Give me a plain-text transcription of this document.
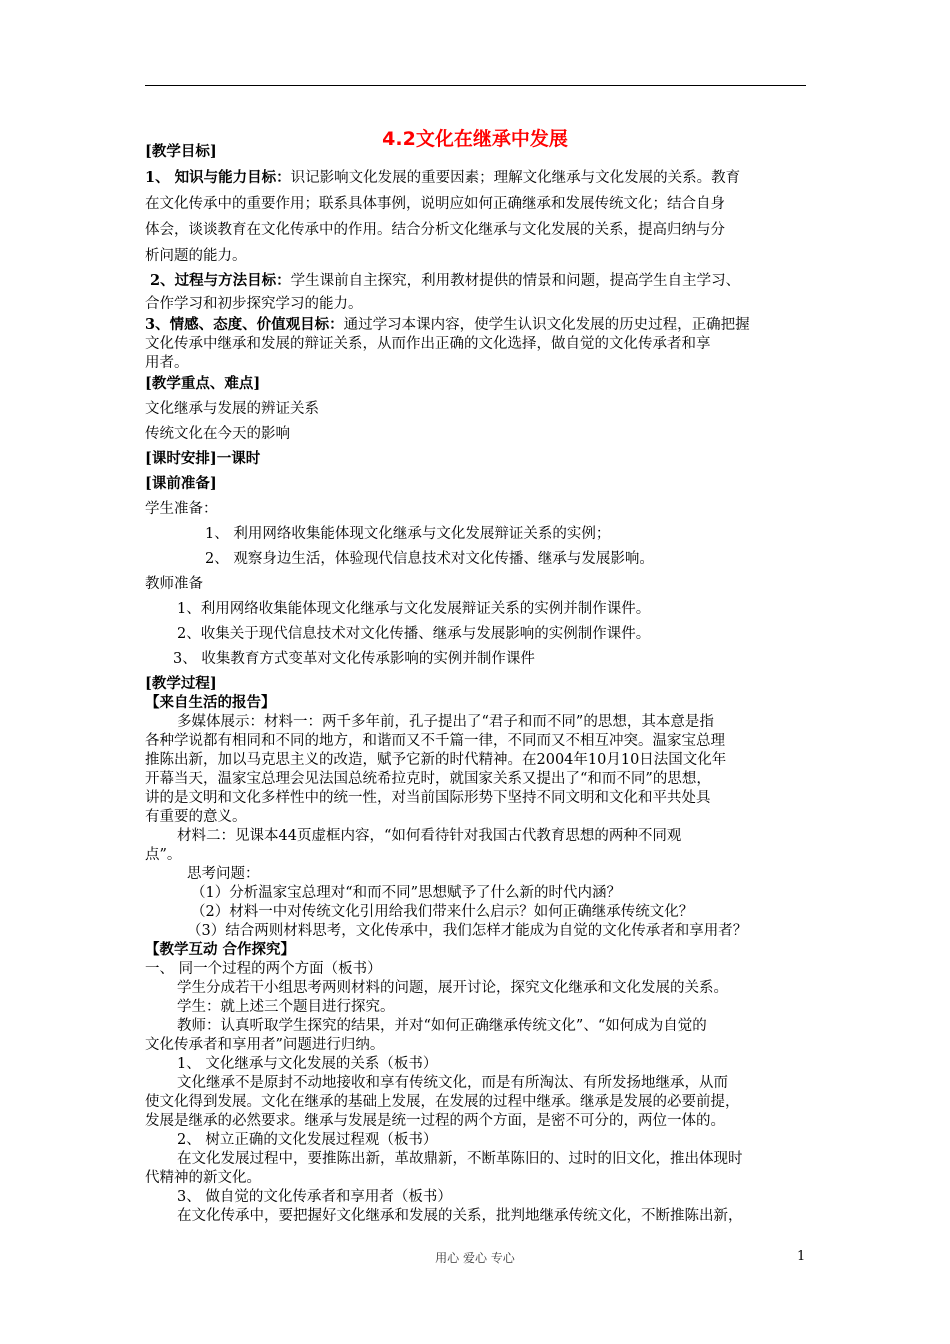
4.2文化在继承中发展
[教学目标]
1、 知识与能力目标：识记影响文化发展的重要因素；理解文化继承与文化发展的关系。教育
在文化传承中的重要作用；联系具体事例，说明应如何正确继承和发展传统文化；结合自身
体会，谈谈教育在文化传承中的作用。结合分析文化继承与文化发展的关系，提高归纳与分
析问题的能力。
2、过程与方法目标：学生课前自主探究，利用教材提供的情景和问题，提高学生自主学习、
合作学习和初步探究学习的能力。
3、情感、态度、价值观目标：通过学习本课内容，使学生认识文化发展的历史过程，正确把握
文化传承中继承和发展的辩证关系，从而作出正确的文化选择，做自觉的文化传承者和享
用者。
[教学重点、难点]
文化继承与发展的辨证关系
传统文化在今天的影响
[课时安排]一课时
[课前准备]
学生准备：
1、 利用网络收集能体现文化继承与文化发展辩证关系的实例；
2、 观察身边生活，体验现代信息技术对文化传播、继承与发展影响。
教师准备
1、利用网络收集能体现文化继承与文化发展辩证关系的实例并制作课件。
2、收集关于现代信息技术对文化传播、继承与发展影响的实例制作课件。
3、 收集教育方式变革对文化传承影响的实例并制作课件
[教学过程]
【来自生活的报告】
多媒体展示：材料一：两千多年前，孔子提出了“君子和而不同”的思想，其本意是指
各种学说都有相同和不同的地方，和谐而又不千篇一律，不同而又不相互冲突。温家宝总理
推陈出新，加以马克思主义的改造，赋予它新的时代精神。在2004年10月10日法国文化年
开幕当天，温家宝总理会见法国总统希拉克时，就国家关系又提出了“和而不同”的思想，
讲的是文明和文化多样性中的统一性，对当前国际形势下坚持不同文明和文化和平共处具
有重要的意义。
材料二：见课本44页虚框内容，“如何看待针对我国古代教育思想的两种不同观
点”。
思考问题：
（1）分析温家宝总理对“和而不同”思想赋予了什么新的时代内涵？
（2）材料一中对传统文化引用给我们带来什么启示？如何正确继承传统文化？
（3）结合两则材料思考，文化传承中，我们怎样才能成为自觉的文化传承者和享用者？
【教学互动 合作探究】
一、 同一个过程的两个方面（板书）
学生分成若干小组思考两则材料的问题，展开讨论，探究文化继承和文化发展的关系。
学生：就上述三个题目进行探究。
教师：认真听取学生探究的结果，并对“如何正确继承传统文化”、“如何成为自觉的
文化传承者和享用者”问题进行归纳。
1、 文化继承与文化发展的关系（板书）
文化继承不是原封不动地接收和享有传统文化，而是有所淘汰、有所发扬地继承，从而
使文化得到发展。文化在继承的基础上发展，在发展的过程中继承。继承是发展的必要前提，
发展是继承的必然要求。继承与发展是统一过程的两个方面，是密不可分的，两位一体的。
2、 树立正确的文化发展过程观（板书）
在文化发展过程中，要推陈出新，革故鼎新，不断革陈旧的、过时的旧文化，推出体现时
代精神的新文化。
3、 做自觉的文化传承者和享用者（板书）
在文化传承中，要把握好文化继承和发展的关系，批判地继承传统文化，不断推陈出新，
用心 爱心 专心	1
